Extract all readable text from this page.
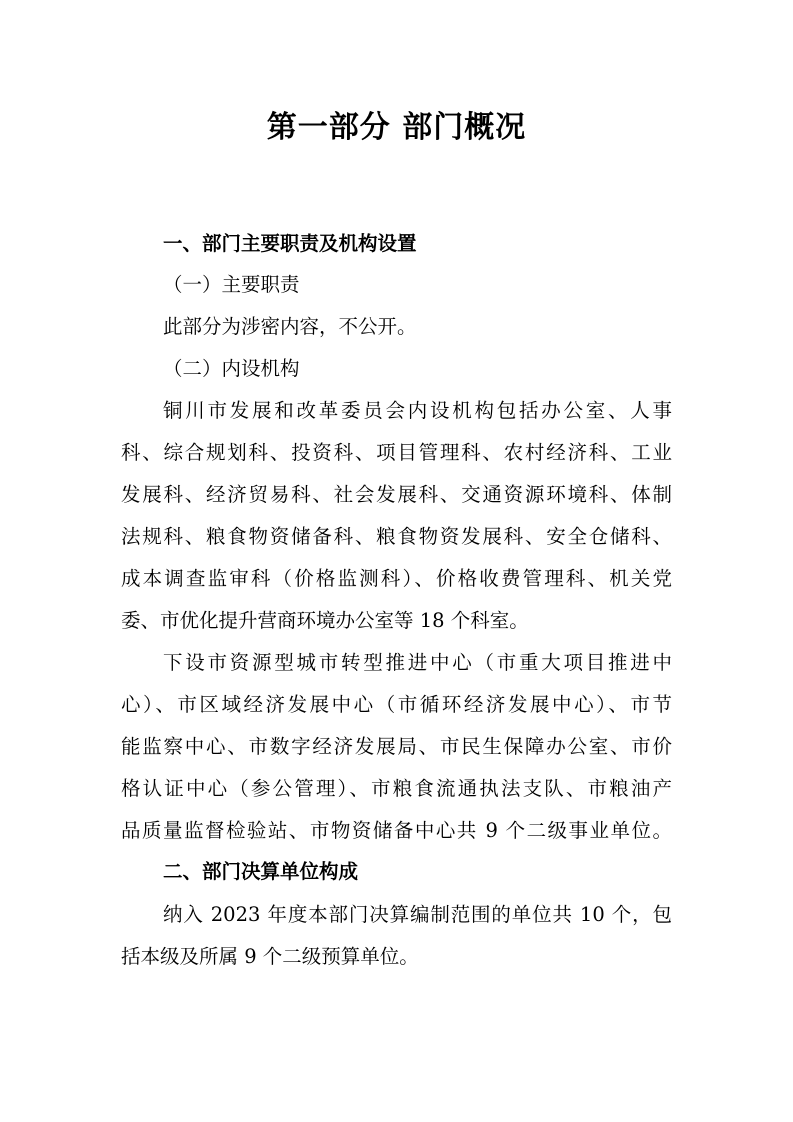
第一部分 部门概况
一、部门主要职责及机构设置
（一）主要职责
此部分为涉密内容，不公开。
（二）内设机构
铜川市发展和改革委员会内设机构包括办公室、人事
科、综合规划科、投资科、项目管理科、农村经济科、工业
发展科、经济贸易科、社会发展科、交通资源环境科、体制
法规科、粮食物资储备科、粮食物资发展科、安全仓储科、
成本调查监审科（价格监测科）、价格收费管理科、机关党
委、市优化提升营商环境办公室等 18 个科室。
下设市资源型城市转型推进中心（市重大项目推进中
心）、市区域经济发展中心（市循环经济发展中心）、市节
能监察中心、市数字经济发展局、市民生保障办公室、市价
格认证中心（参公管理）、市粮食流通执法支队、市粮油产
品质量监督检验站、市物资储备中心共 9 个二级事业单位。
二、部门决算单位构成
纳入 2023 年度本部门决算编制范围的单位共 10 个，包
括本级及所属 9 个二级预算单位。
